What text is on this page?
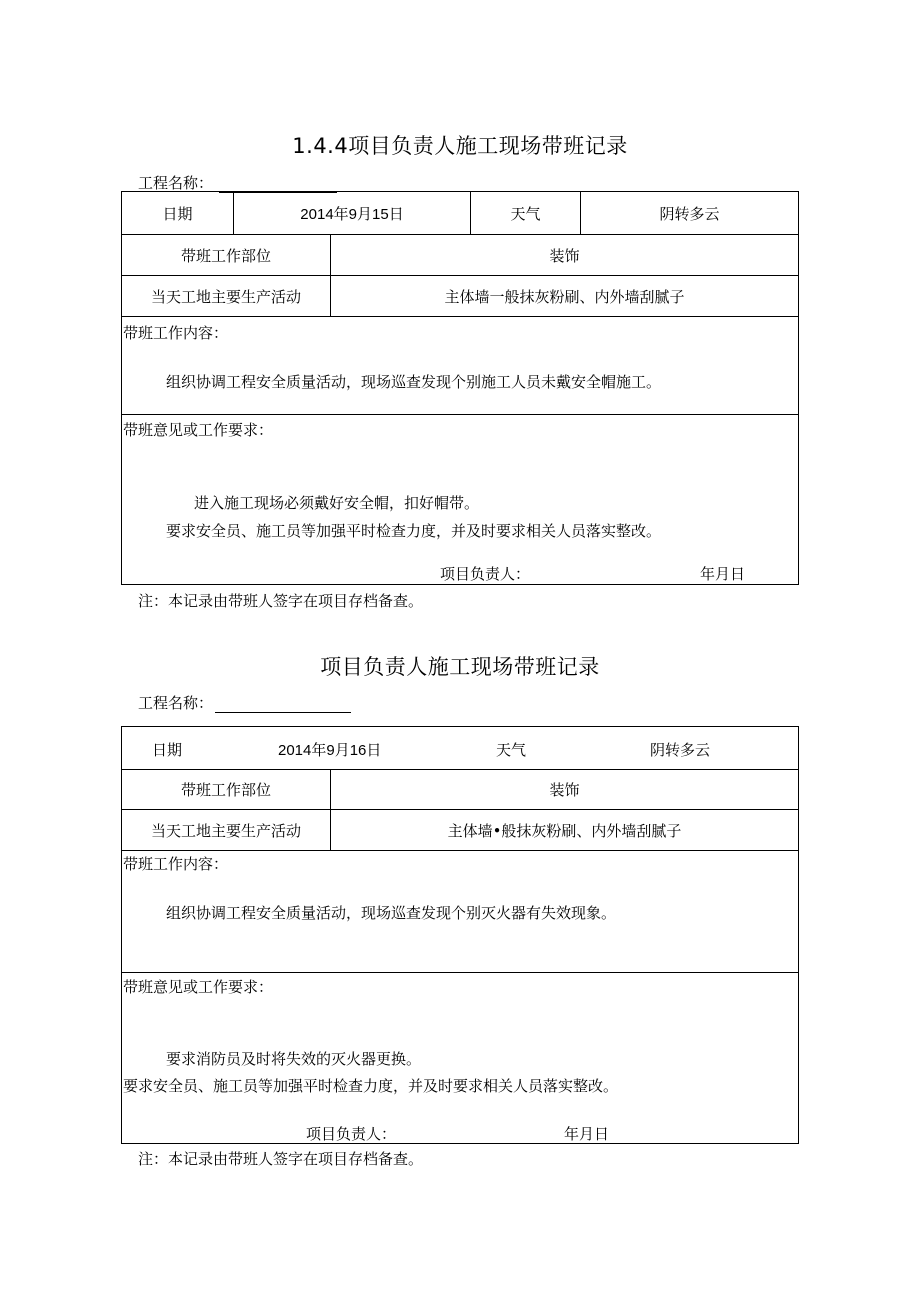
1.4.4项目负责人施工现场带班记录
工程名称：
日期	2014年9月15日	天气	阴转多云
带班工作部位	装饰
当天工地主要生产活动	主体墙一般抹灰粉刷、内外墙刮腻子
带班工作内容：
组织协调工程安全质量活动，现场巡查发现个别施工人员未戴安全帽施工。
带班意见或工作要求：
进入施工现场必须戴好安全帽，扣好帽带。
要求安全员、施工员等加强平时检查力度，并及时要求相关人员落实整改。
项目负责人：	年月日
注：本记录由带班人签字在项目存档备查。
项目负责人施工现场带班记录
工程名称：
日期	2014年9月16日	天气	阴转多云
带班工作部位	装饰
当天工地主要生产活动	主体墙•般抹灰粉刷、内外墙刮腻子
带班工作内容：
组织协调工程安全质量活动，现场巡查发现个别灭火器有失效现象。
带班意见或工作要求：
要求消防员及时将失效的灭火器更换。
要求安全员、施工员等加强平时检查力度，并及时要求相关人员落实整改。
项目负责人：	年月日
注：本记录由带班人签字在项目存档备查。
